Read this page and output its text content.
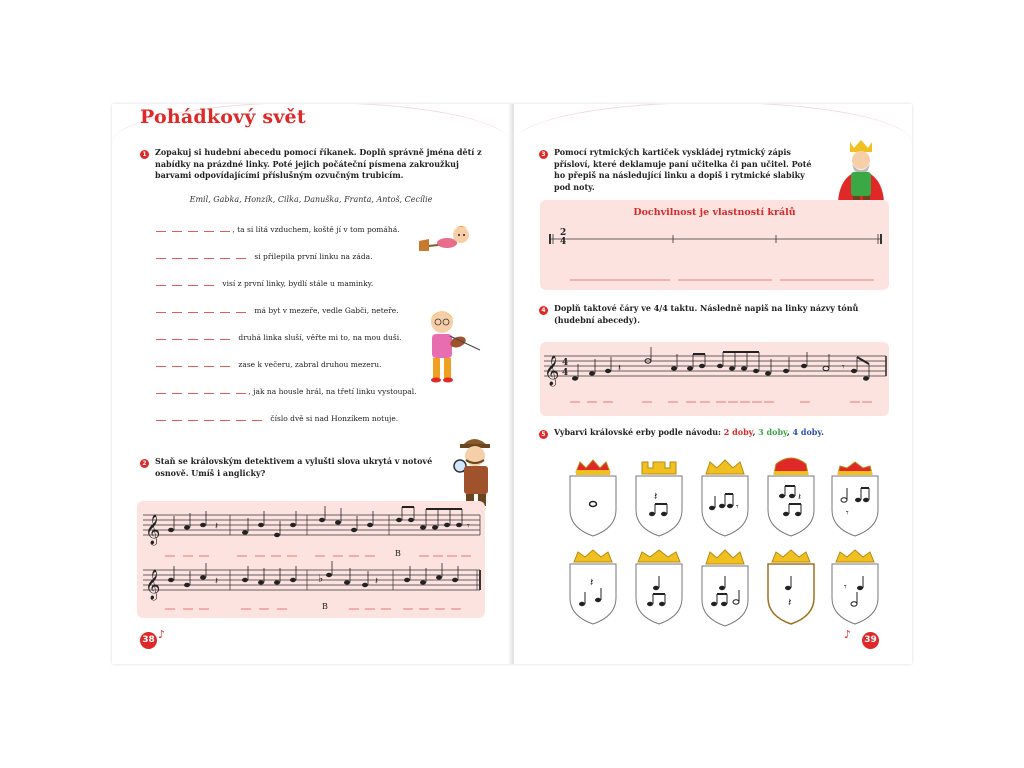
Pohádkový svět
1	Zopakuj si hudební abecedu pomocí říkanek. Doplň správně jména dětí z nabídky na prázdné linky. Poté jejich počáteční písmena zakroužkuj barvami odpovídajícími příslušným ozvučným trubicím.
Emil, Gabka, Honzík, Cilka, Danuška, Franta, Antoš, Cecílie
, ta si lítá vzduchem, koště jí v tom pomáhá.
si přilepila první linku na záda.
visí z první linky, bydlí stále u maminky.
má byt v mezeře, vedle Gabči, neteře.
druhá linka sluší, věřte mi to, na mou duši.
zase k večeru, zabral druhou mezeru.
, jak na housle hrál, na třetí linku vystoupal.
číslo dvě si nad Honzíkem notuje.
2	Staň se královským detektivem a vylušti slova ukrytá v notové osnově. Umíš i anglicky?
𝄞	𝄽	𝄾
𝄞	𝄽	♭	𝄽
B
B
38 ♪
3	Pomocí rytmických kartiček vyskládej rytmický zápis přísloví, které deklamuje paní učitelka či pan učitel. Poté ho přepiš na následující linku a dopiš i rytmické slabiky pod noty.
Dochvilnost je vlastností králů
2
4
4	Doplň taktové čáry ve 4/4 taktu. Následně napiš na linky názvy tónů (hudební abecedy).
𝄞 4
4	𝄽	𝄾
5	Vybarvi královské erby podle návodu: 2 doby, 3 doby, 4 doby.
𝄽
𝄾
𝄽
𝄾
𝄽
𝄽
𝄾
♪ 39
